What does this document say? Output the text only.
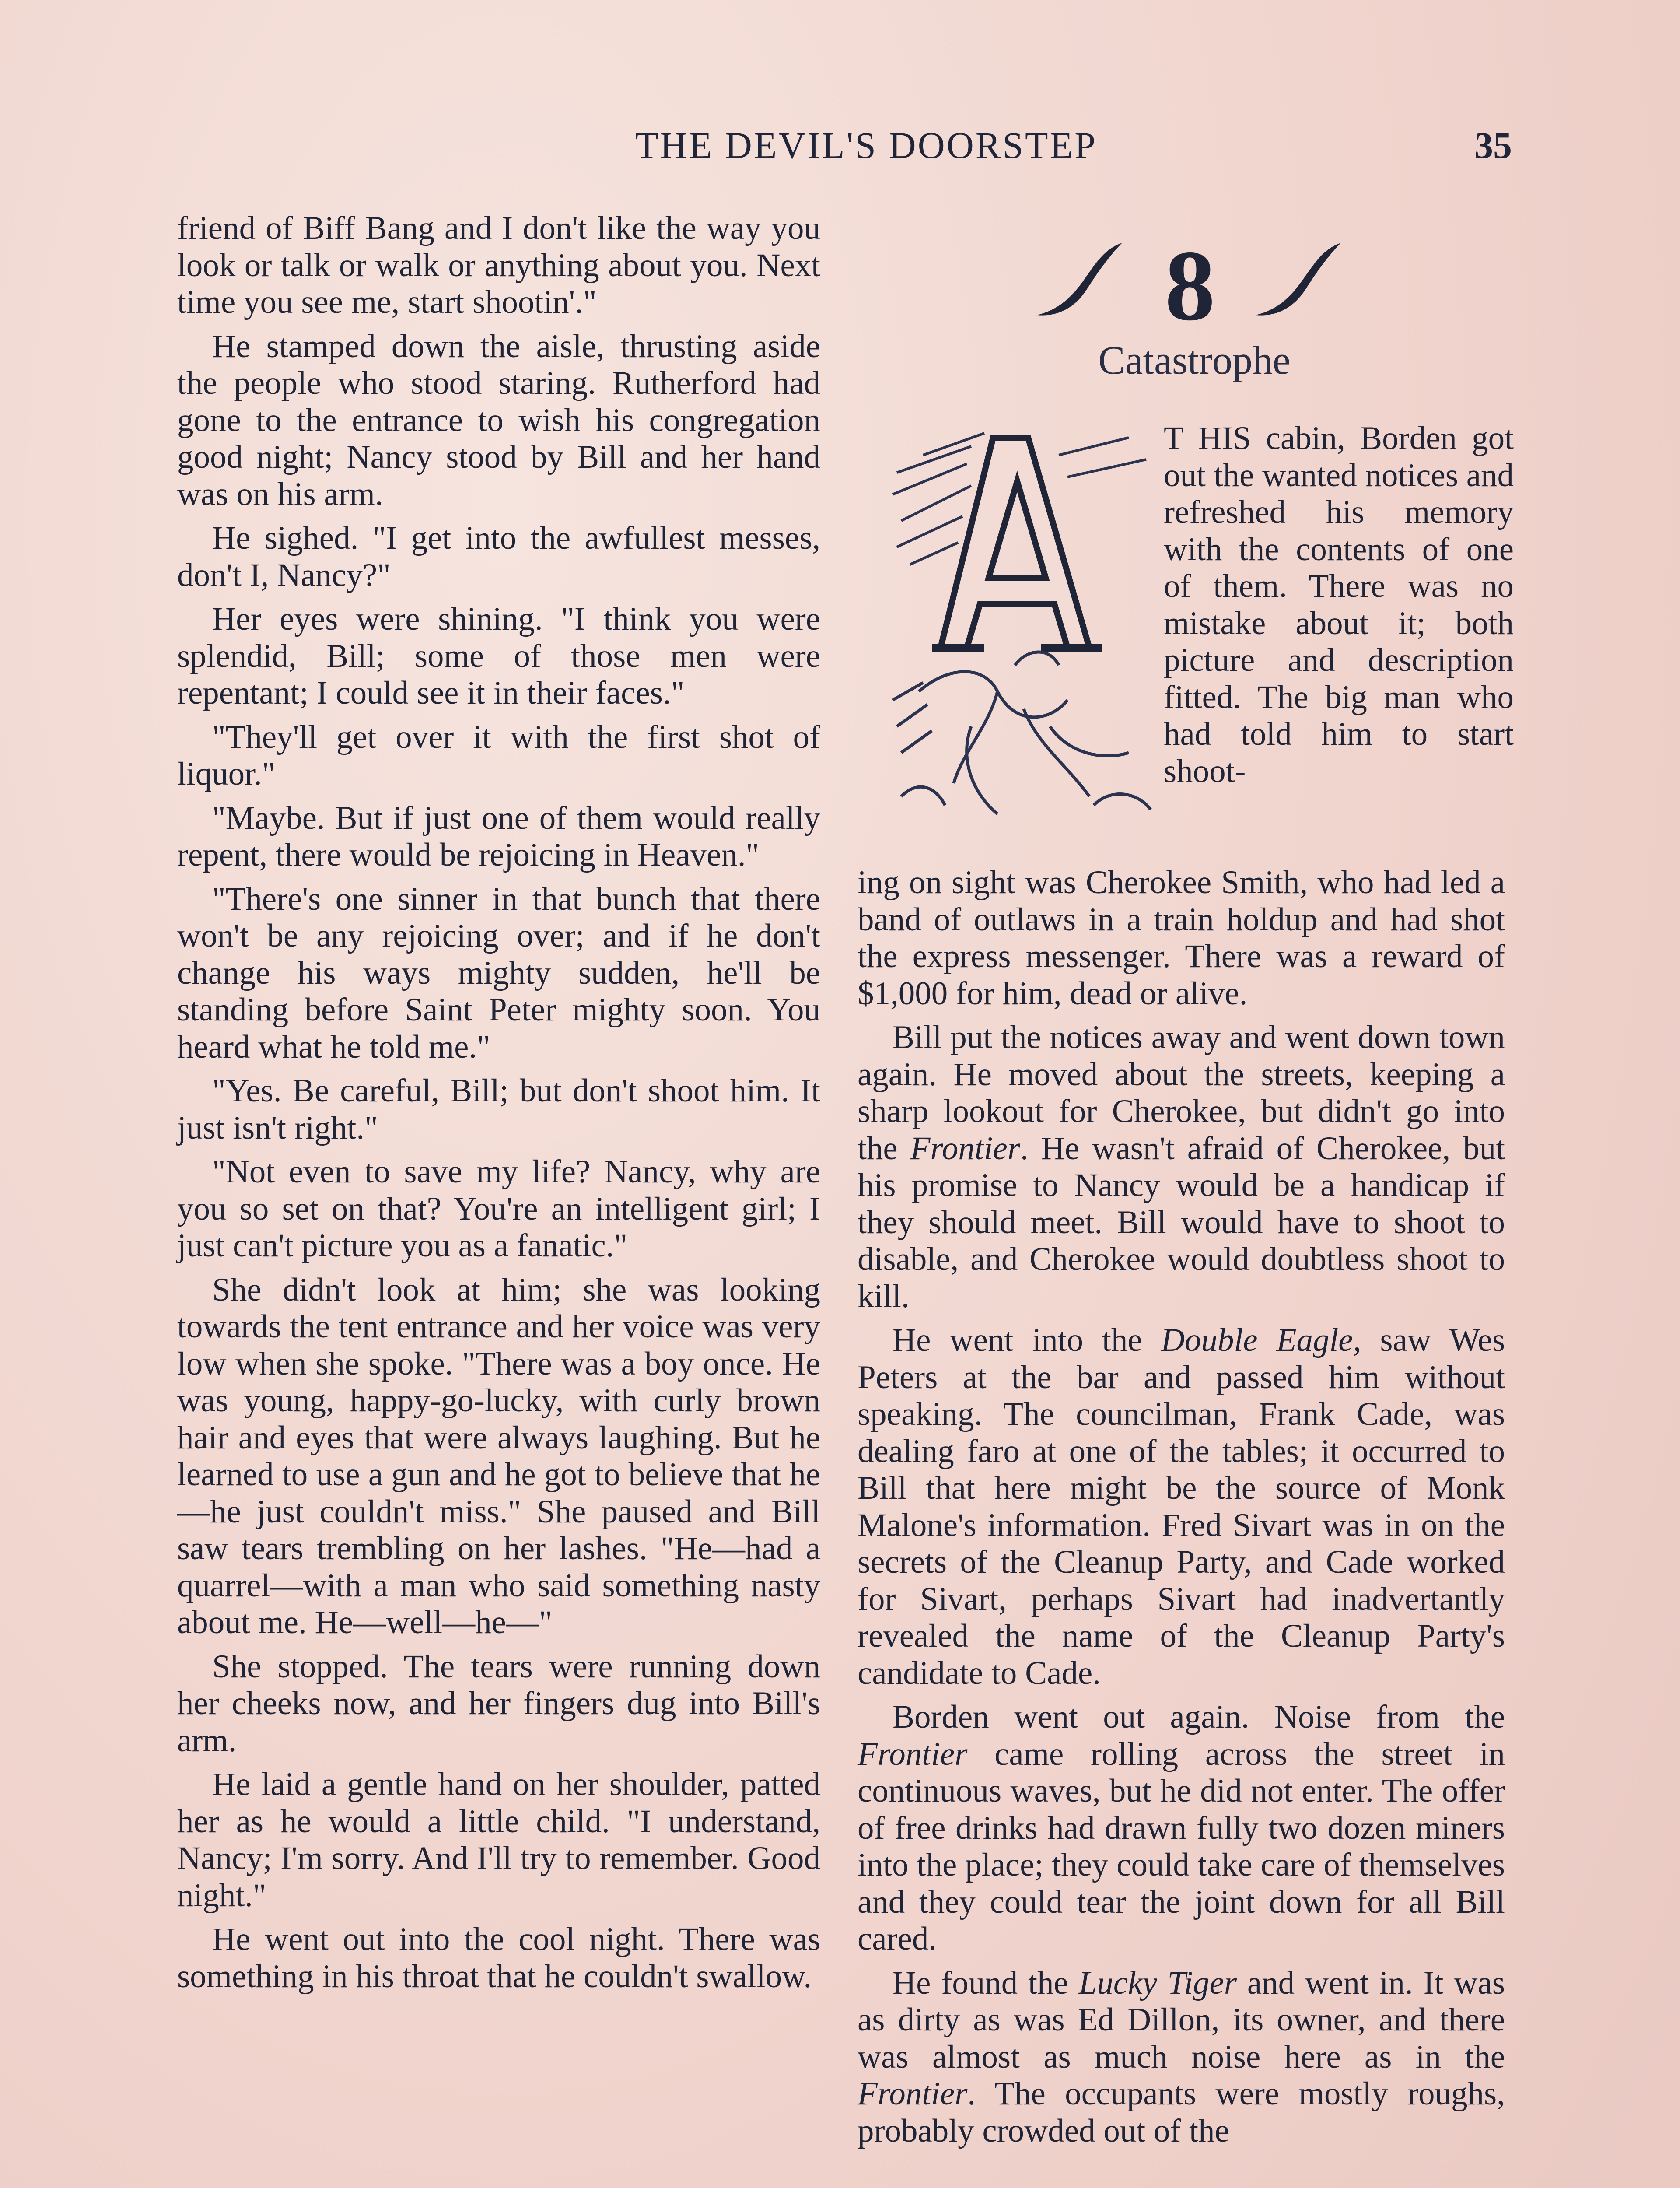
THE DEVIL'S DOORSTEP	35

friend of Biff Bang and I don't like the way you look or talk or walk or anything about you. Next time you see me, start shootin'."

He stamped down the aisle, thrusting aside the people who stood staring. Rutherford had gone to the entrance to wish his congregation good night; Nancy stood by Bill and her hand was on his arm.

He sighed. "I get into the awfullest messes, don't I, Nancy?"

Her eyes were shining. "I think you were splendid, Bill; some of those men were repentant; I could see it in their faces."

"They'll get over it with the first shot of liquor."

"Maybe. But if just one of them would really repent, there would be rejoicing in Heaven."

"There's one sinner in that bunch that there won't be any rejoicing over; and if he don't change his ways mighty sudden, he'll be standing before Saint Peter mighty soon. You heard what he told me."

"Yes. Be careful, Bill; but don't shoot him. It just isn't right."

"Not even to save my life? Nancy, why are you so set on that? You're an intelligent girl; I just can't picture you as a fanatic."

She didn't look at him; she was looking towards the tent entrance and her voice was very low when she spoke. "There was a boy once. He was young, happy-go-lucky, with curly brown hair and eyes that were always laughing. But he learned to use a gun and he got to believe that he—he just couldn't miss." She paused and Bill saw tears trembling on her lashes. "He—had a quarrel—with a man who said something nasty about me. He—well—he—"

She stopped. The tears were running down her cheeks now, and her fingers dug into Bill's arm.

He laid a gentle hand on her shoulder, patted her as he would a little child. "I understand, Nancy; I'm sorry. And I'll try to remember. Good night."

He went out into the cool night. There was something in his throat that he couldn't swallow.

8
Catastrophe
T HIS cabin, Borden got out the wanted notices and refreshed his memory with the contents of one of them. There was no mistake about it; both picture and description fitted. The big man who had told him to start shoot-

ing on sight was Cherokee Smith, who had led a band of outlaws in a train holdup and had shot the express messenger. There was a reward of $1,000 for him, dead or alive.

Bill put the notices away and went down town again. He moved about the streets, keeping a sharp lookout for Cherokee, but didn't go into the Frontier. He wasn't afraid of Cherokee, but his promise to Nancy would be a handicap if they should meet. Bill would have to shoot to disable, and Cherokee would doubtless shoot to kill.

He went into the Double Eagle, saw Wes Peters at the bar and passed him without speaking. The councilman, Frank Cade, was dealing faro at one of the tables; it occurred to Bill that here might be the source of Monk Malone's information. Fred Sivart was in on the secrets of the Cleanup Party, and Cade worked for Sivart, perhaps Sivart had inadvertantly revealed the name of the Cleanup Party's candidate to Cade.

Borden went out again. Noise from the Frontier came rolling across the street in continuous waves, but he did not enter. The offer of free drinks had drawn fully two dozen miners into the place; they could take care of themselves and they could tear the joint down for all Bill cared.

He found the Lucky Tiger and went in. It was as dirty as was Ed Dillon, its owner, and there was almost as much noise here as in the Frontier. The occupants were mostly roughs, probably crowded out of the
